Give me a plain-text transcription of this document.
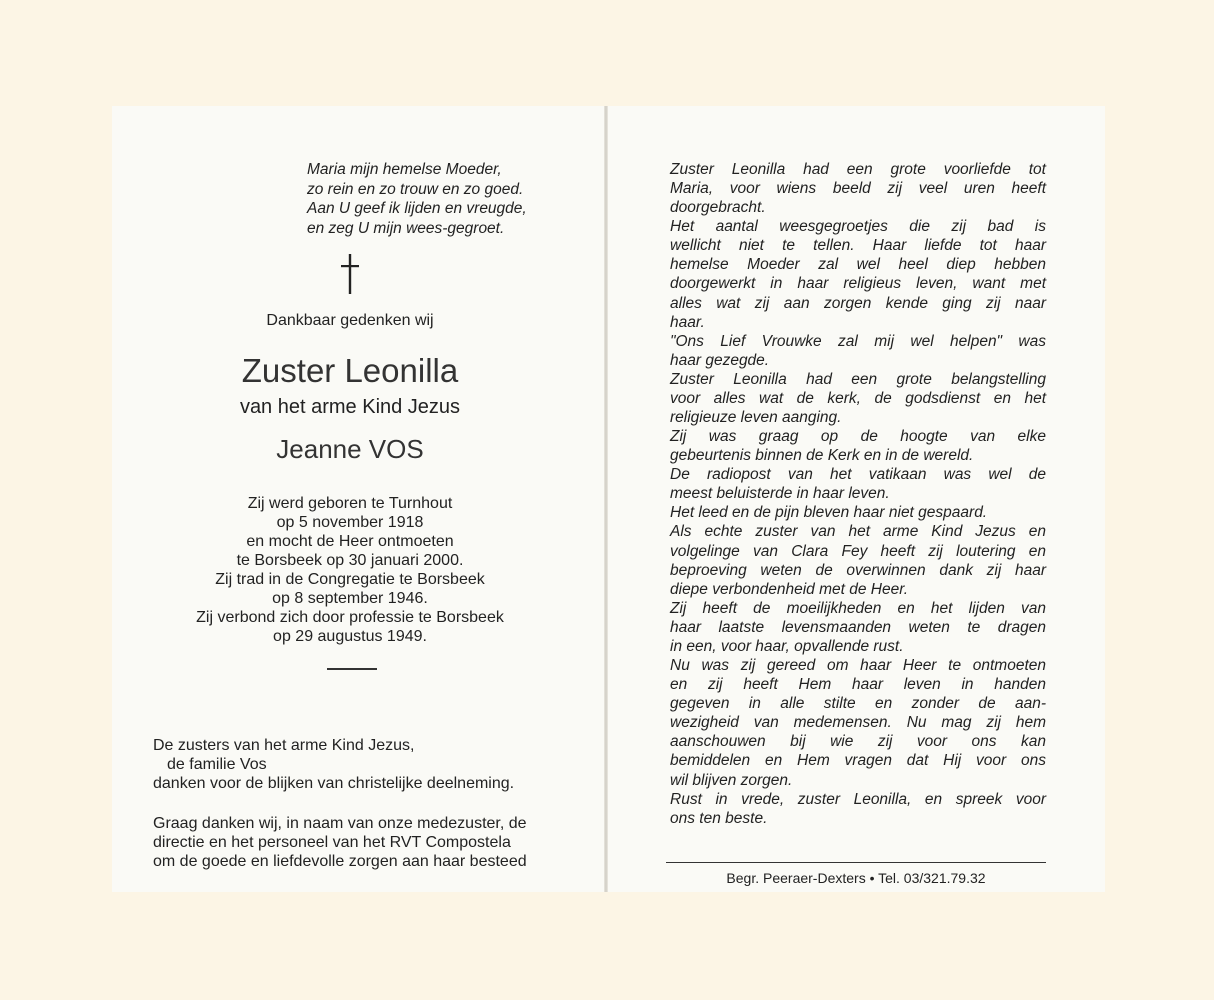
Maria mijn hemelse Moeder,
zo rein en zo trouw en zo goed.
Aan U geef ik lijden en vreugde,
en zeg U mijn wees-gegroet.
Dankbaar gedenken wij
Zuster Leonilla
van het arme Kind Jezus
Jeanne VOS
Zij werd geboren te Turnhout
op 5 november 1918
en mocht de Heer ontmoeten
te Borsbeek op 30 januari 2000.
Zij trad in de Congregatie te Borsbeek
op 8 september 1946.
Zij verbond zich door professie te Borsbeek
op 29 augustus 1949.
De zusters van het arme Kind Jezus,
de familie Vos
danken voor de blijken van christelijke deelneming.
Graag danken wij, in naam van onze medezuster, de
directie en het personeel van het RVT Compostela
om de goede en liefdevolle zorgen aan haar besteed
Zuster Leonilla had een grote voorliefde tot
Maria, voor wiens beeld zij veel uren heeft
doorgebracht.
Het aantal weesgegroetjes die zij bad is
wellicht niet te tellen. Haar liefde tot haar
hemelse Moeder zal wel heel diep hebben
doorgewerkt in haar religieus leven, want met
alles wat zij aan zorgen kende ging zij naar
haar.
"Ons Lief Vrouwke zal mij wel helpen" was
haar gezegde.
Zuster Leonilla had een grote belangstelling
voor alles wat de kerk, de godsdienst en het
religieuze leven aanging.
Zij was graag op de hoogte van elke
gebeurtenis binnen de Kerk en in de wereld.
De radiopost van het vatikaan was wel de
meest beluisterde in haar leven.
Het leed en de pijn bleven haar niet gespaard.
Als echte zuster van het arme Kind Jezus en
volgelinge van Clara Fey heeft zij loutering en
beproeving weten de overwinnen dank zij haar
diepe verbondenheid met de Heer.
Zij heeft de moeilijkheden en het lijden van
haar laatste levensmaanden weten te dragen
in een, voor haar, opvallende rust.
Nu was zij gereed om haar Heer te ontmoeten
en zij heeft Hem haar leven in handen
gegeven in alle stilte en zonder de aan-
wezigheid van medemensen. Nu mag zij hem
aanschouwen bij wie zij voor ons kan
bemiddelen en Hem vragen dat Hij voor ons
wil blijven zorgen.
Rust in vrede, zuster Leonilla, en spreek voor
ons ten beste.
Begr. Peeraer-Dexters • Tel. 03/321.79.32
